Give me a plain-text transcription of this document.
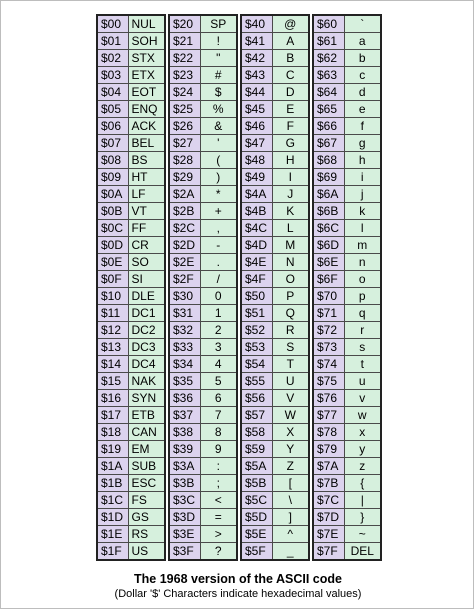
$00	NUL
$01	SOH
$02	STX
$03	ETX
$04	EOT
$05	ENQ
$06	ACK
$07	BEL
$08	BS
$09	HT
$0A	LF
$0B	VT
$0C	FF
$0D	CR
$0E	SO
$0F	SI
$10	DLE
$11	DC1
$12	DC2
$13	DC3
$14	DC4
$15	NAK
$16	SYN
$17	ETB
$18	CAN
$19	EM
$1A	SUB
$1B	ESC
$1C	FS
$1D	GS
$1E	RS
$1F	US
$20	SP
$21	!
$22	"
$23	#
$24	$
$25	%
$26	&
$27	'
$28	(
$29	)
$2A	*
$2B	+
$2C	,
$2D	-
$2E	.
$2F	/
$30	0
$31	1
$32	2
$33	3
$34	4
$35	5
$36	6
$37	7
$38	8
$39	9
$3A	:
$3B	;
$3C	<
$3D	=
$3E	>
$3F	?
$40	@
$41	A
$42	B
$43	C
$44	D
$45	E
$46	F
$47	G
$48	H
$49	I
$4A	J
$4B	K
$4C	L
$4D	M
$4E	N
$4F	O
$50	P
$51	Q
$52	R
$53	S
$54	T
$55	U
$56	V
$57	W
$58	X
$59	Y
$5A	Z
$5B	[
$5C	\
$5D	]
$5E	^
$5F	_
$60	`
$61	a
$62	b
$63	c
$64	d
$65	e
$66	f
$67	g
$68	h
$69	i
$6A	j
$6B	k
$6C	l
$6D	m
$6E	n
$6F	o
$70	p
$71	q
$72	r
$73	s
$74	t
$75	u
$76	v
$77	w
$78	x
$79	y
$7A	z
$7B	{
$7C	|
$7D	}
$7E	~
$7F	DEL
The 1968 version of the ASCII code
(Dollar '$' Characters indicate hexadecimal values)
